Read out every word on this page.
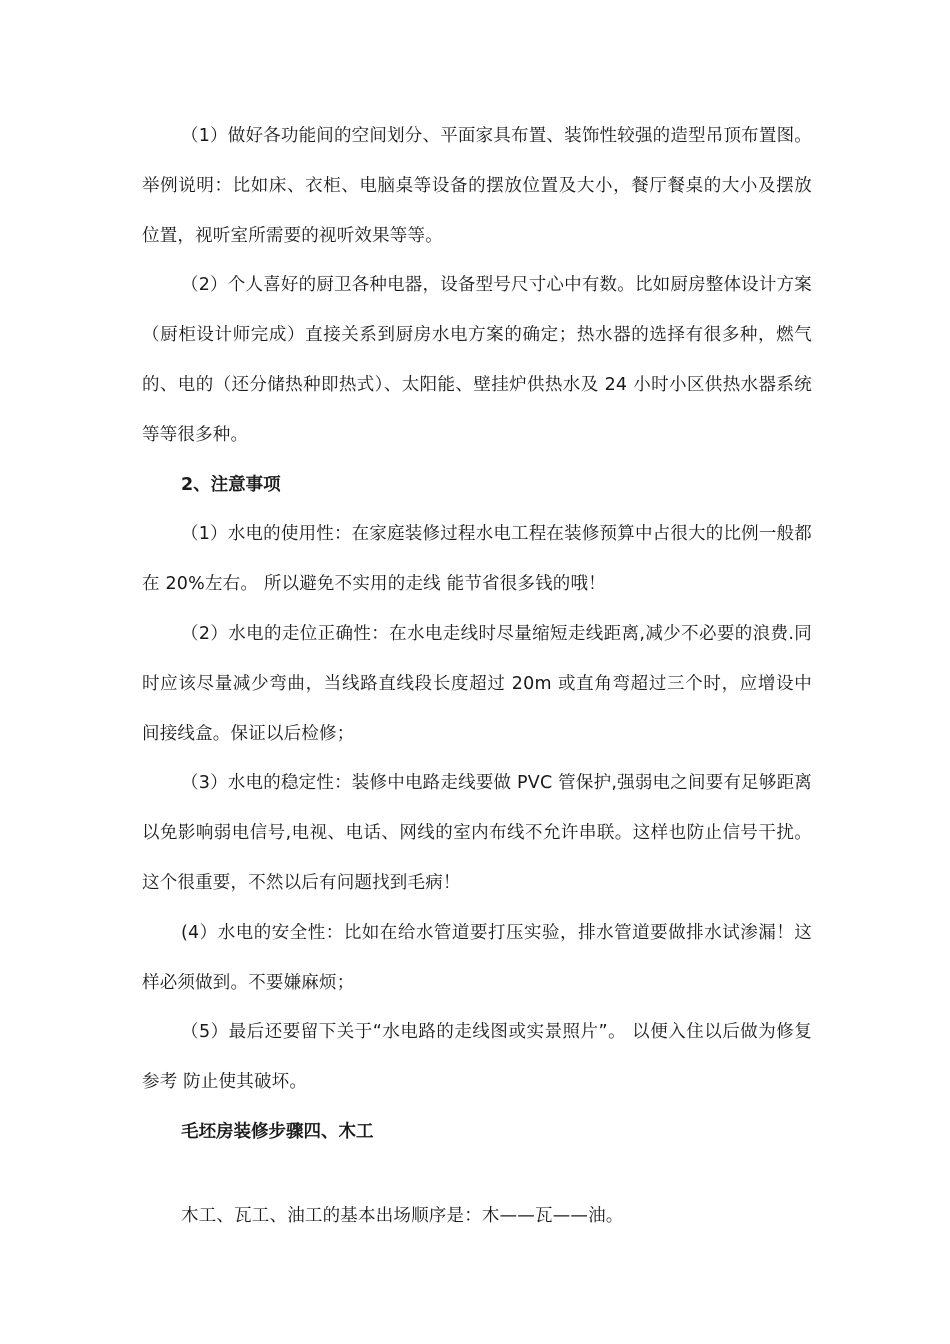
（1）做好各功能间的空间划分、平面家具布置、装饰性较强的造型吊顶布置图。举例说明：比如床、衣柜、电脑桌等设备的摆放位置及大小，餐厅餐桌的大小及摆放位置，视听室所需要的视听效果等等。

（2）个人喜好的厨卫各种电器，设备型号尺寸心中有数。比如厨房整体设计方案（厨柜设计师完成）直接关系到厨房水电方案的确定；热水器的选择有很多种，燃气的、电的（还分储热种即热式）、太阳能、壁挂炉供热水及 24 小时小区供热水器系统等等很多种。

2、注意事项

（1）水电的使用性：在家庭装修过程水电工程在装修预算中占很大的比例一般都在 20%左右。 所以避免不实用的走线 能节省很多钱的哦！

（2）水电的走位正确性：在水电走线时尽量缩短走线距离,减少不必要的浪费.同时应该尽量减少弯曲，当线路直线段长度超过 20m 或直角弯超过三个时，应增设中间接线盒。保证以后检修；

（3）水电的稳定性：装修中电路走线要做 PVC 管保护,强弱电之间要有足够距离以免影响弱电信号,电视、电话、网线的室内布线不允许串联。这样也防止信号干扰。这个很重要，不然以后有问题找到毛病！

(4）水电的安全性：比如在给水管道要打压实验，排水管道要做排水试渗漏！这样必须做到。不要嫌麻烦；

（5）最后还要留下关于“水电路的走线图或实景照片”。 以便入住以后做为修复参考 防止使其破坏。

毛坯房装修步骤四、木工

木工、瓦工、油工的基本出场顺序是：木——瓦——油。
